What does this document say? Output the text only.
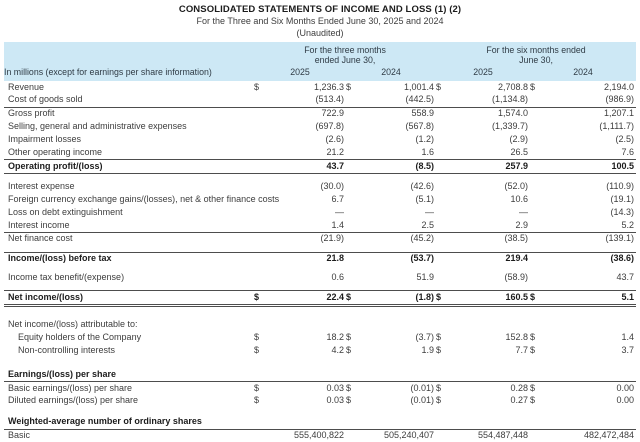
CONSOLIDATED STATEMENTS OF INCOME AND LOSS (1) (2)
For the Three and Six Months Ended June 30, 2025 and 2024
(Unaudited)
	For the three months				For the six months ended			
	ended June 30,				June 30,			
In millions (except for earnings per share information)	2025		2024		2025		2024	
Revenue	$	1,236.3	$	1,001.4	$	2,708.8	$	2,194.0
Cost of goods sold		(513.4)		(442.5)		(1,134.8)		(986.9)
Gross profit		722.9		558.9		1,574.0		1,207.1
Selling, general and administrative expenses		(697.8)		(567.8)		(1,339.7)		(1,111.7)
Impairment losses		(2.6)		(1.2)		(2.9)		(2.5)
Other operating income		21.2		1.6		26.5		7.6
Operating profit/(loss)		43.7		(8.5)		257.9		100.5

Interest expense		(30.0)		(42.6)		(52.0)		(110.9)
Foreign currency exchange gains/(losses), net & other finance costs		6.7		(5.1)		10.6		(19.1)
Loss on debt extinguishment		—		—		—		(14.3)
Interest income		1.4		2.5		2.9		5.2
Net finance cost		(21.9)		(45.2)		(38.5)		(139.1)

Income/(loss) before tax		21.8		(53.7)		219.4		(38.6)

Income tax benefit/(expense)		0.6		51.9		(58.9)		43.7

Net income/(loss)	$	22.4	$	(1.8)	$	160.5	$	5.1

Net income/(loss) attributable to:								
Equity holders of the Company	$	18.2	$	(3.7)	$	152.8	$	1.4
Non-controlling interests	$	4.2	$	1.9	$	7.7	$	3.7

Earnings/(loss) per share								
Basic earnings/(loss) per share	$	0.03	$	(0.01)	$	0.28	$	0.00
Diluted earnings/(loss) per share	$	0.03	$	(0.01)	$	0.27	$	0.00

Weighted-average number of ordinary shares								
Basic		555,400,822		505,240,407		554,487,448		482,472,484
